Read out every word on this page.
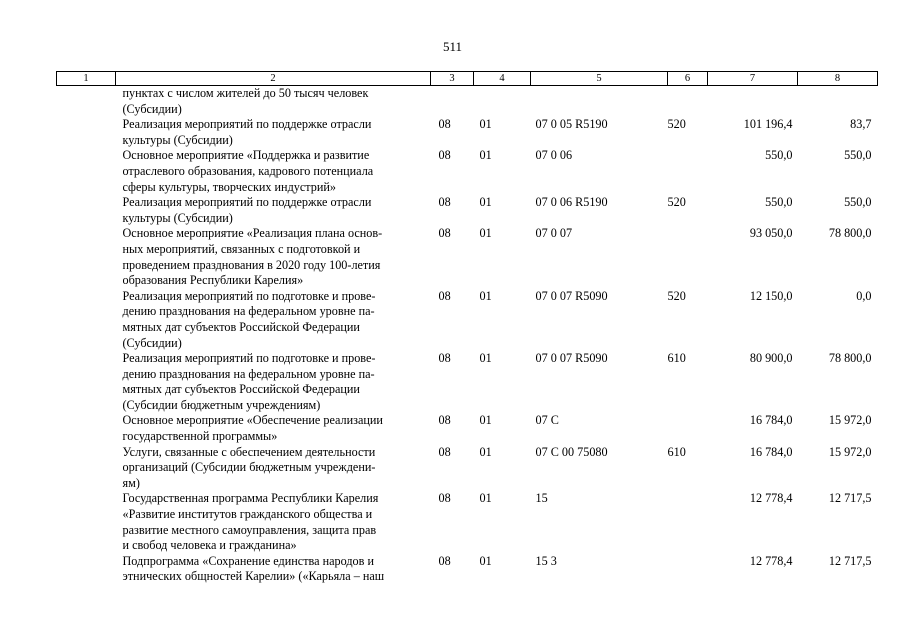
511
1	2	3	4	5	6	7	8
	пунктах с числом жителей до 50 тысяч человек
(Субсидии)						
	Реализация мероприятий по поддержке отрасли
культуры (Субсидии)	08	01	07 0 05 R5190	520	101 196,4	83,7
	Основное мероприятие «Поддержка и развитие
отраслевого образования, кадрового потенциала
сферы культуры, творческих индустрий»	08	01	07 0 06		550,0	550,0
	Реализация мероприятий по поддержке отрасли
культуры (Субсидии)	08	01	07 0 06 R5190	520	550,0	550,0
	Основное мероприятие «Реализация плана основ-
ных мероприятий, связанных с подготовкой и
проведением празднования в 2020 году 100-летия
образования Республики Карелия»	08	01	07 0 07		93 050,0	78 800,0
	Реализация мероприятий по подготовке и прове-
дению празднования на федеральном уровне па-
мятных дат субъектов Российской Федерации
(Субсидии)	08	01	07 0 07 R5090	520	12 150,0	0,0
	Реализация мероприятий по подготовке и прове-
дению празднования на федеральном уровне па-
мятных дат субъектов Российской Федерации
(Субсидии бюджетным учреждениям)	08	01	07 0 07 R5090	610	80 900,0	78 800,0
	Основное мероприятие «Обеспечение реализации
государственной программы»	08	01	07 С		16 784,0	15 972,0
	Услуги, связанные с обеспечением деятельности
организаций (Субсидии бюджетным учреждени-
ям)	08	01	07 С 00 75080	610	16 784,0	15 972,0
	Государственная программа Республики Карелия
«Развитие институтов гражданского общества и
развитие местного самоуправления, защита прав
и свобод человека и гражданина»	08	01	15		12 778,4	12 717,5
	Подпрограмма «Сохранение единства народов и
этнических общностей Карелии» («Карьяла – наш	08	01	15 3		12 778,4	12 717,5
